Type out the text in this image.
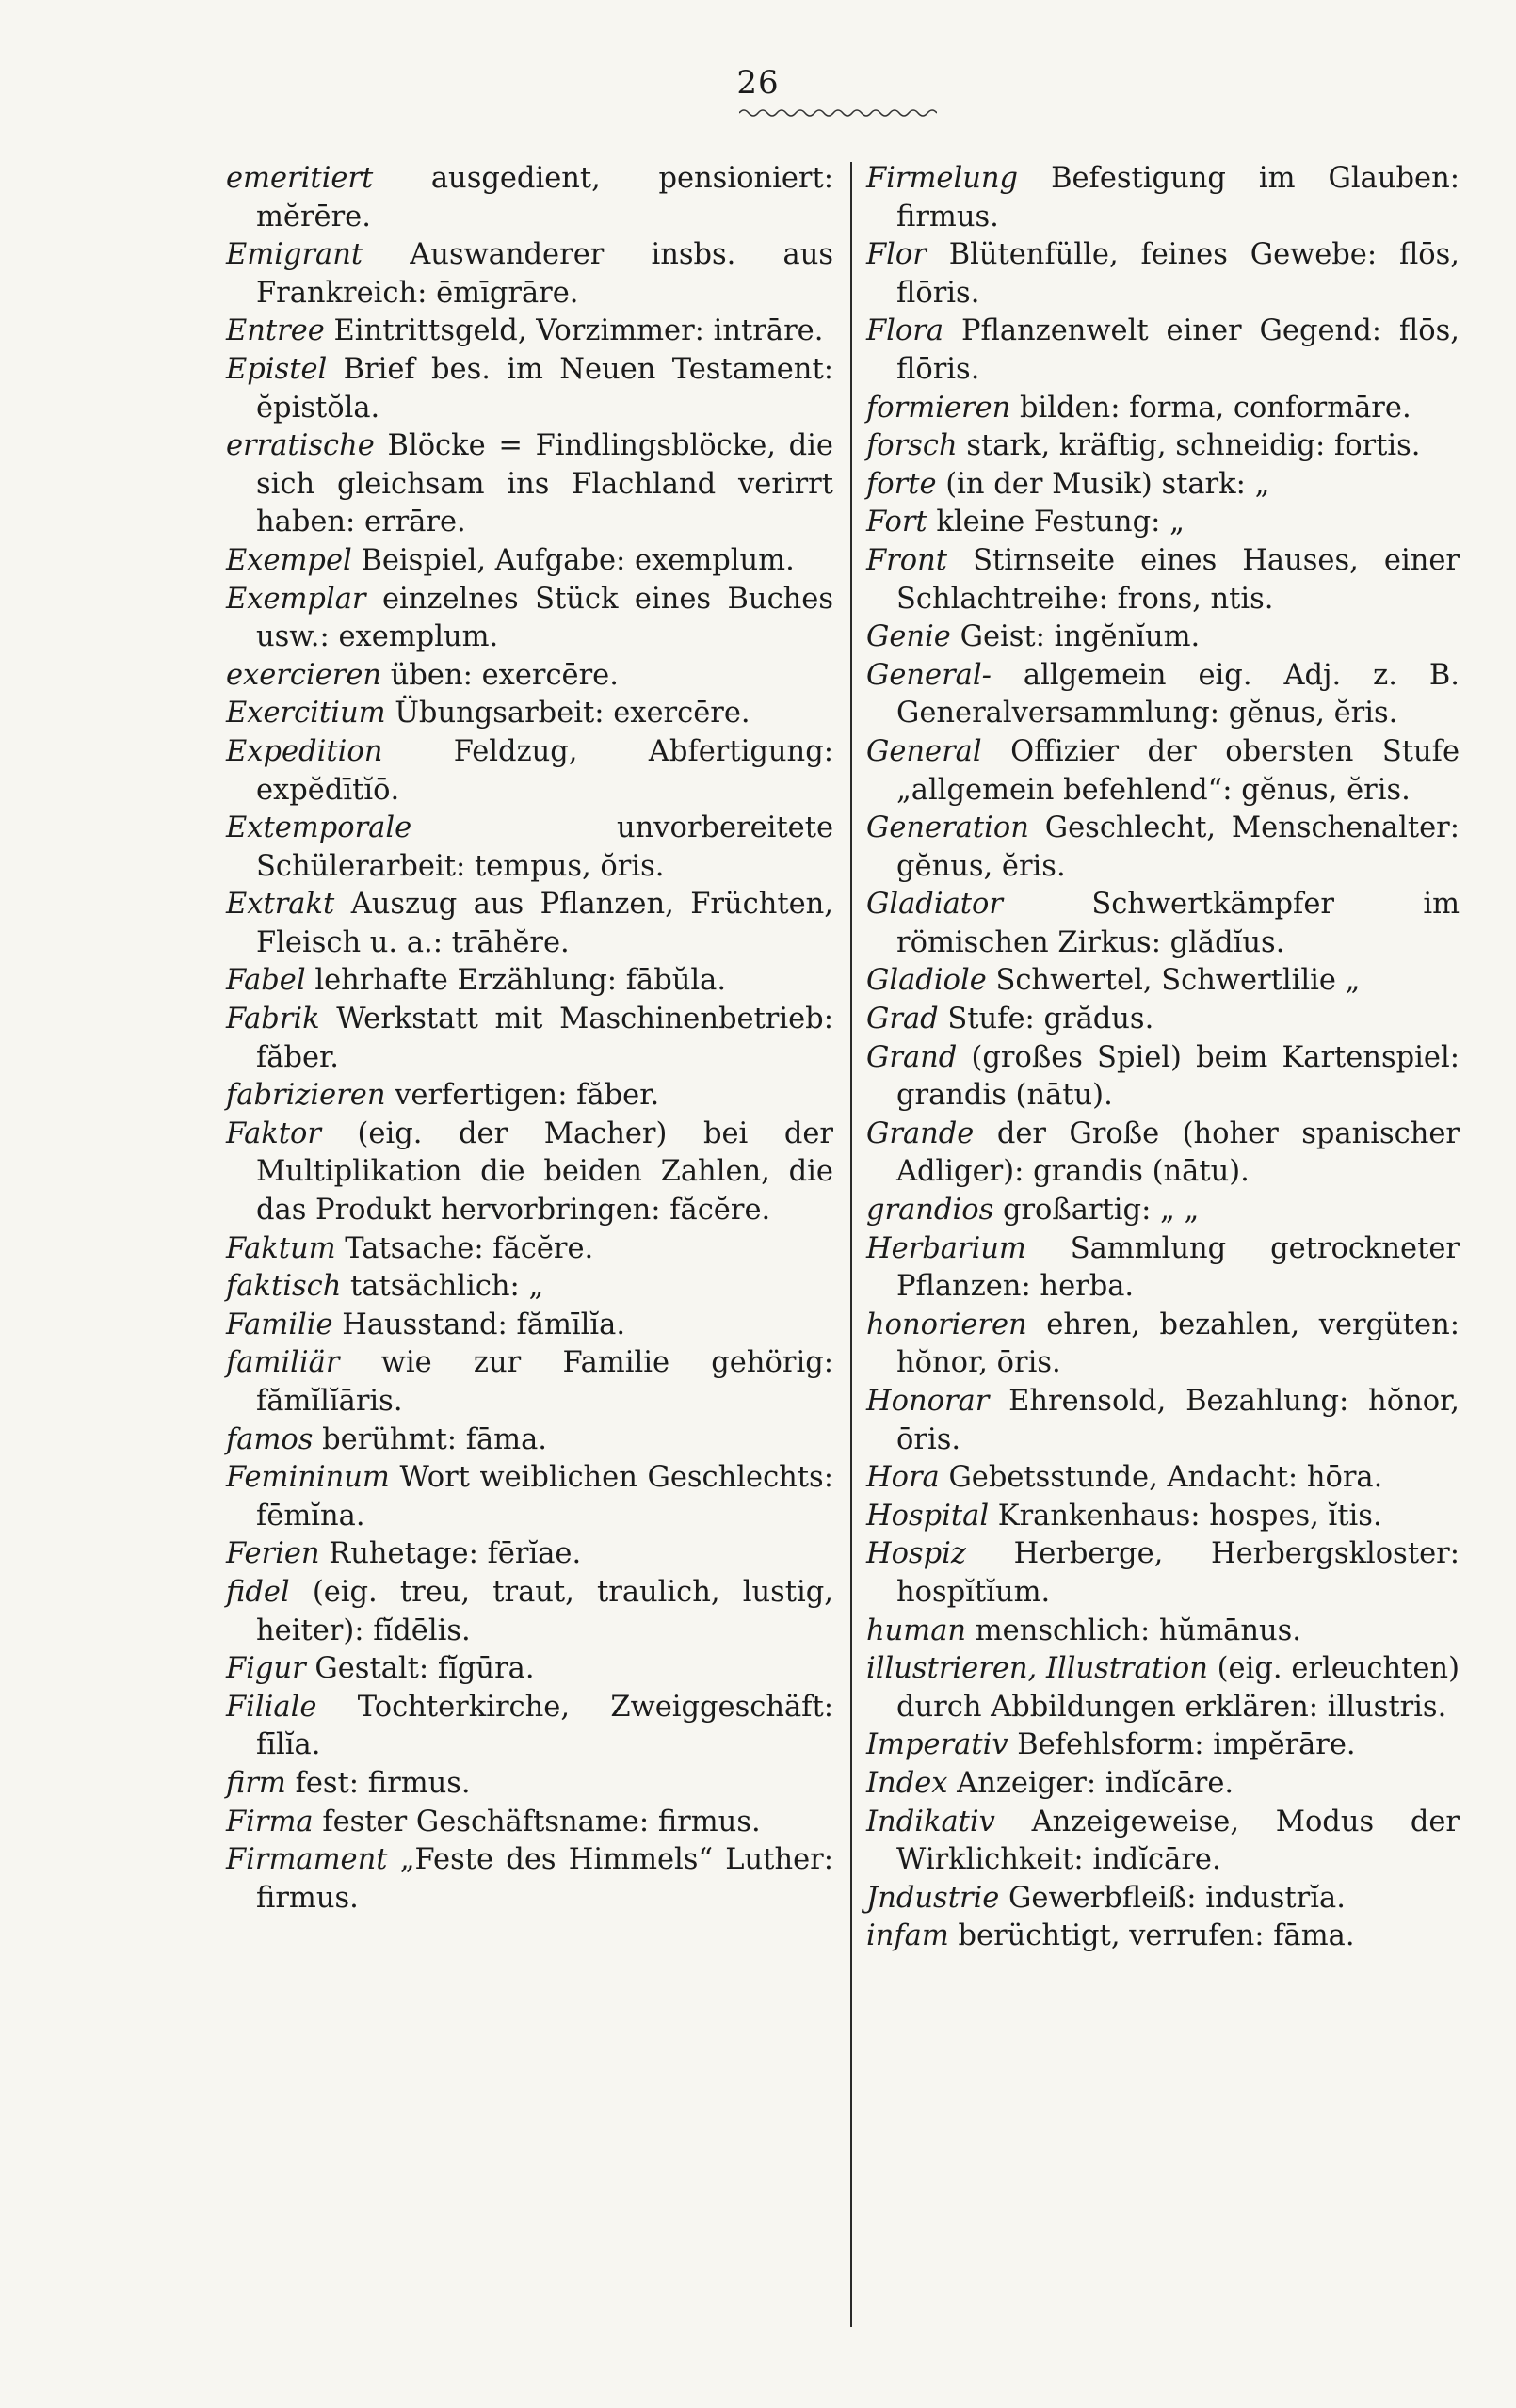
26

emeritiert ausgedient, pensioniert: mĕrēre.

Emigrant Auswanderer insbs. aus Frankreich: ēmīgrāre.

Entree Eintrittsgeld, Vorzimmer: intrāre.

Epistel Brief bes. im Neuen Testament: ĕpistŏla.

erratische Blöcke = Findlingsblöcke, die sich gleichsam ins Flachland verirrt haben: errāre.

Exempel Beispiel, Aufgabe: exemplum.

Exemplar einzelnes Stück eines Buches usw.: exemplum.

exercieren üben: exercēre.

Exercitium Übungsarbeit: exercēre.

Expedition Feldzug, Abfertigung: expĕdītĭō.

Extemporale	unvorbereitete Schülerarbeit: tempus, ŏris.

Extrakt Auszug aus Pflanzen, Früchten, Fleisch u. a.: trāhĕre.

Fabel lehrhafte Erzählung: fābŭla.

Fabrik Werkstatt mit Maschinenbetrieb: făber.

fabrizieren verfertigen: făber.

Faktor (eig. der Macher) bei der Multiplikation die beiden Zahlen, die das Produkt hervorbringen: făcĕre.

Faktum Tatsache: făcĕre.

faktisch tatsächlich: „

Familie Hausstand: fămīlĭa.

familiär wie zur Familie gehörig: fămĭlĭāris.

famos berühmt: fāma.

Femininum Wort weiblichen Geschlechts: fēmĭna.

Ferien Ruhetage: fērĭae.

fidel (eig. treu, traut, traulich, lustig, heiter): fĭdēlis.

Figur Gestalt: fĭgūra.

Filiale Tochterkirche, Zweiggeschäft: fīlĭa.

firm fest: firmus.

Firma fester Geschäftsname: firmus.

Firmament „Feste des Himmels“ Luther: firmus.

Firmelung Befestigung im Glauben: firmus.

Flor Blütenfülle, feines Gewebe: flōs, flōris.

Flora Pflanzenwelt einer Gegend: flōs, flōris.

formieren bilden: forma, conformāre.

forsch stark, kräftig, schneidig: fortis.

forte (in der Musik) stark: „

Fort kleine Festung: „

Front Stirnseite eines Hauses, einer Schlachtreihe: frons, ntis.

Genie Geist: ingĕnĭum.

General- allgemein eig. Adj. z. B. Generalversammlung: gĕnus, ĕris.

General Offizier der obersten Stufe „allgemein befehlend“: gĕnus, ĕris.

Generation Geschlecht, Menschenalter: gĕnus, ĕris.

Gladiator	Schwertkämpfer im römischen Zirkus: glădĭus.

Gladiole Schwertel, Schwertlilie „

Grad Stufe: grădus.

Grand (großes Spiel) beim Kartenspiel: grandis (nātu).

Grande der Große (hoher spanischer Adliger): grandis (nātu).

grandios großartig: „ „

Herbarium Sammlung getrockneter Pflanzen: herba.

honorieren ehren, bezahlen, vergüten: hŏnor, ōris.

Honorar Ehrensold, Bezahlung: hŏnor, ōris.

Hora Gebetsstunde, Andacht: hōra.

Hospital Krankenhaus: hospes, ĭtis.

Hospiz Herberge, Herbergskloster: hospĭtĭum.

human menschlich: hŭmānus.

illustrieren, Illustration (eig. erleuchten) durch Abbildungen erklären: illustris.

Imperativ Befehlsform: impĕrāre.

Index Anzeiger: indĭcāre.

Indikativ Anzeigeweise, Modus der Wirklichkeit: indĭcāre.

Jndustrie Gewerbfleiß: industrĭa.

infam berüchtigt, verrufen: fāma.
